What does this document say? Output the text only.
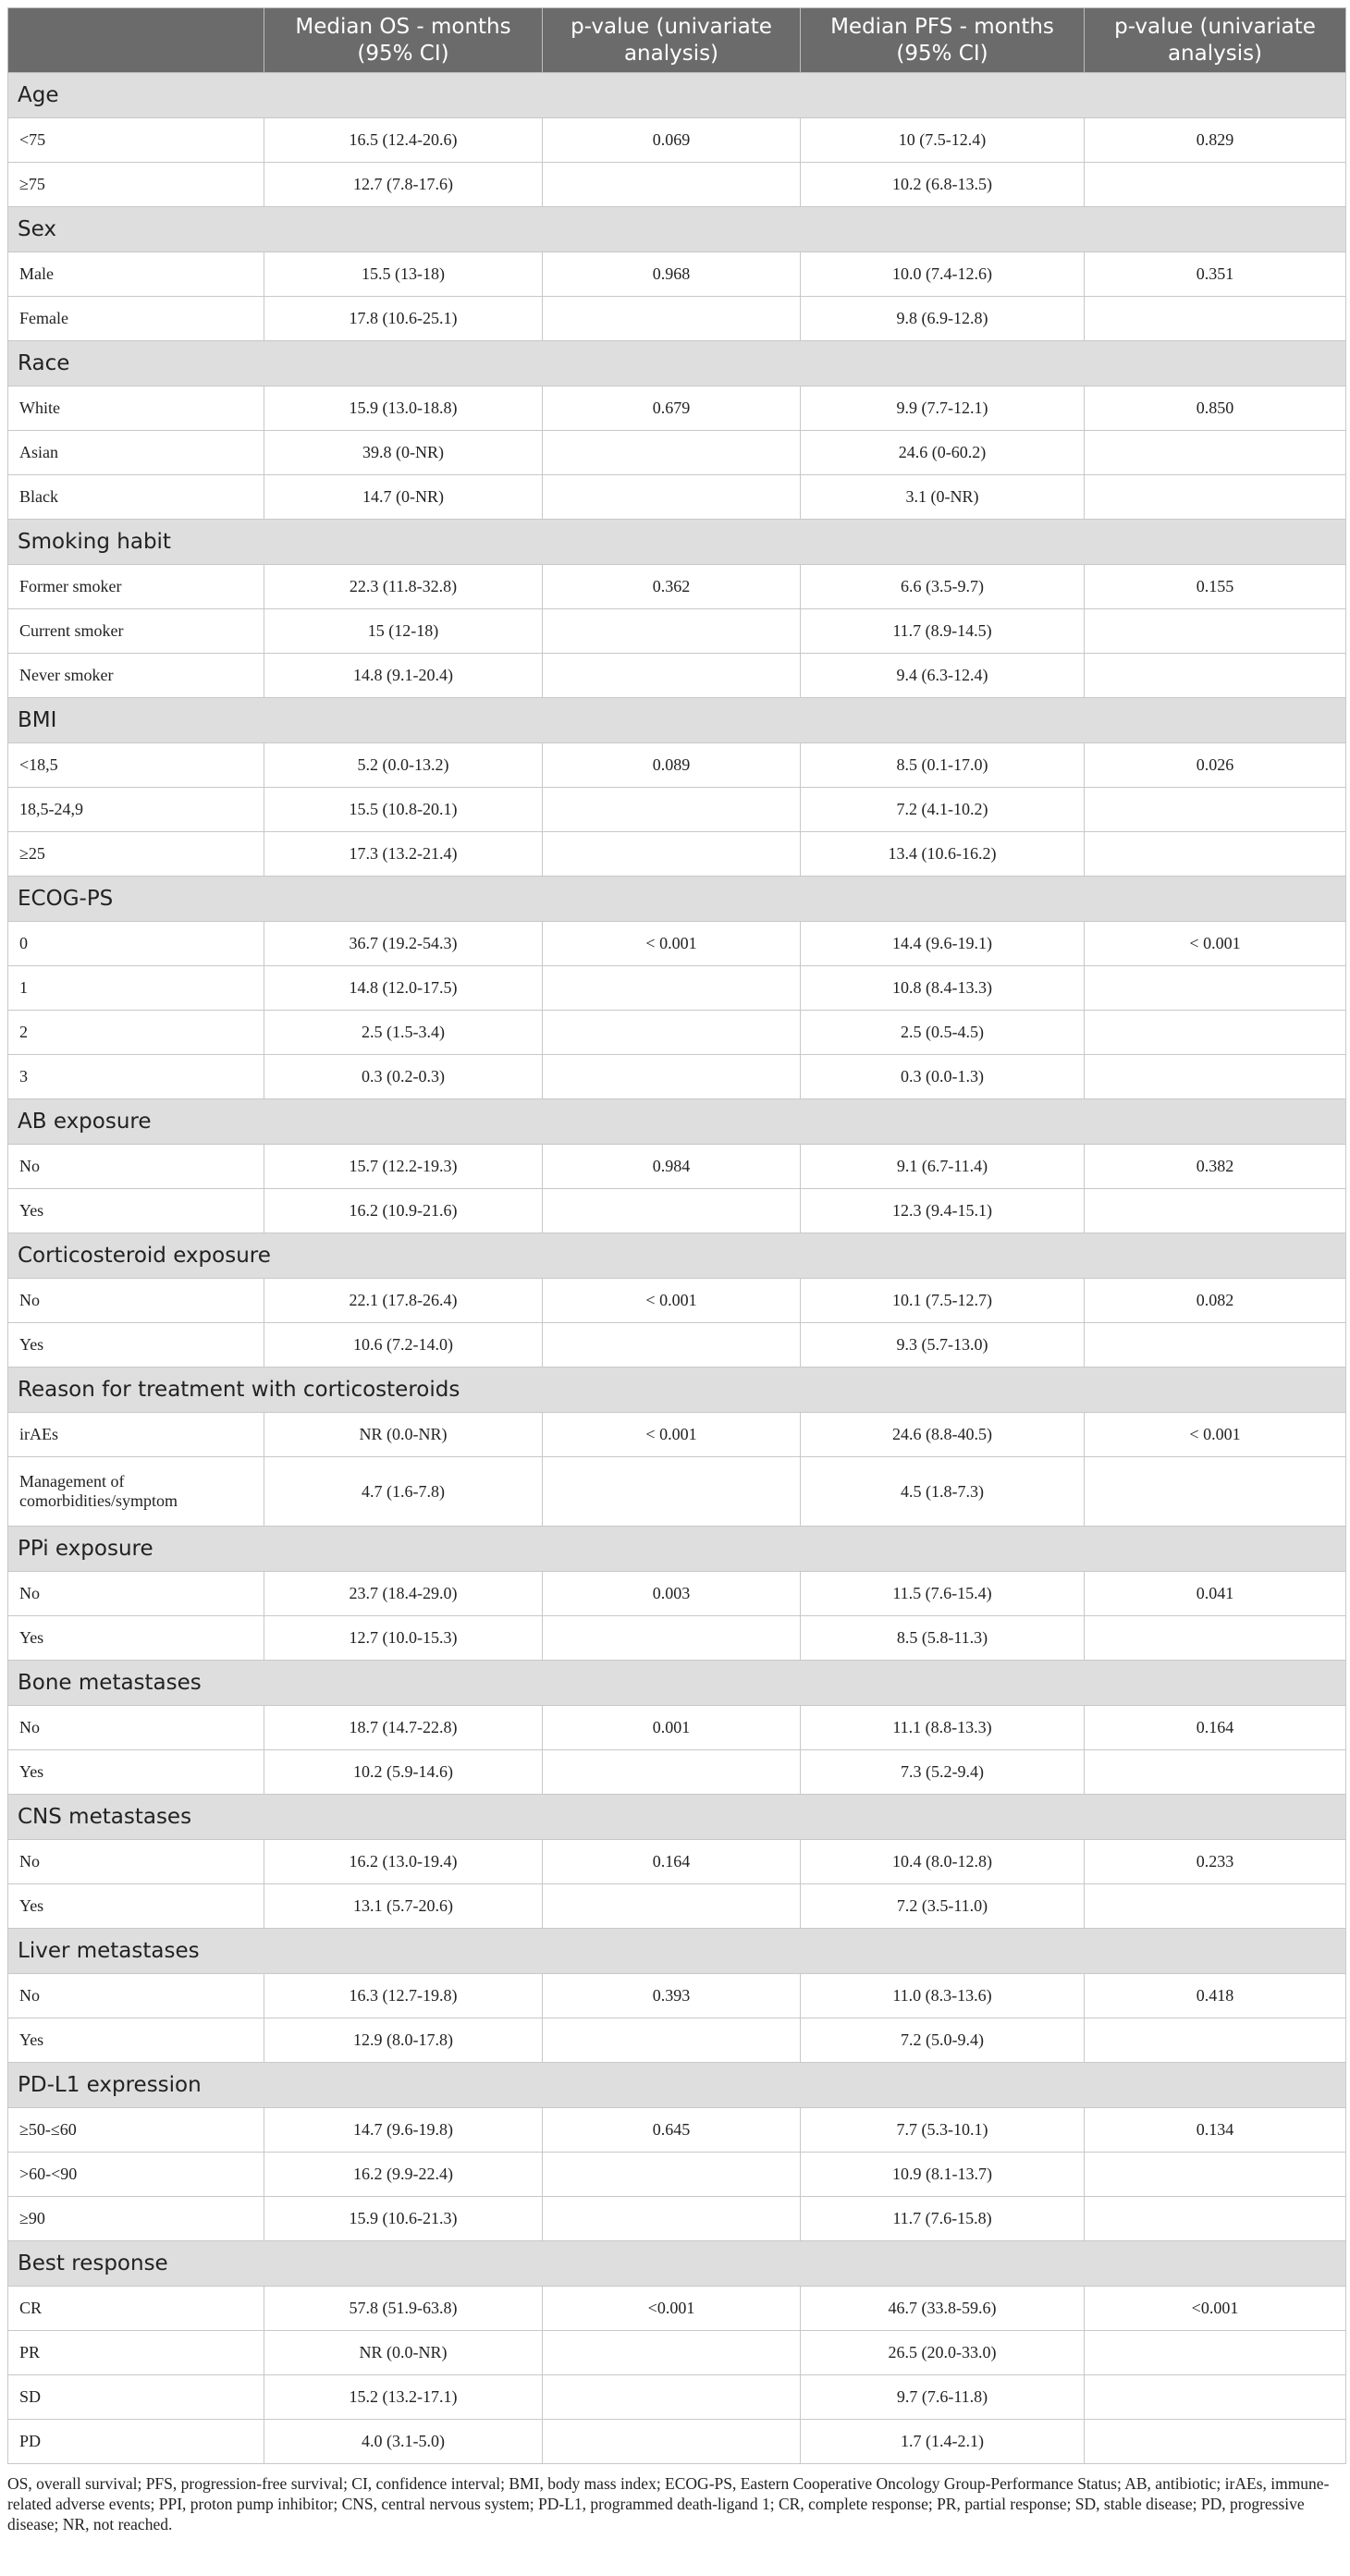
	Median OS - months (95% CI)	p-value (univariate analysis)	Median PFS - months (95% CI)	p-value (univariate analysis)
Age				
<75	16.5 (12.4-20.6)	0.069	10 (7.5-12.4)	0.829
≥75	12.7 (7.8-17.6)		10.2 (6.8-13.5)	
Sex				
Male	15.5 (13-18)	0.968	10.0 (7.4-12.6)	0.351
Female	17.8 (10.6-25.1)		9.8 (6.9-12.8)	
Race				
White	15.9 (13.0-18.8)	0.679	9.9 (7.7-12.1)	0.850
Asian	39.8 (0-NR)		24.6 (0-60.2)	
Black	14.7 (0-NR)		3.1 (0-NR)	
Smoking habit				
Former smoker	22.3 (11.8-32.8)	0.362	6.6 (3.5-9.7)	0.155
Current smoker	15 (12-18)		11.7 (8.9-14.5)	
Never smoker	14.8 (9.1-20.4)		9.4 (6.3-12.4)	
BMI				
<18,5	5.2 (0.0-13.2)	0.089	8.5 (0.1-17.0)	0.026
18,5-24,9	15.5 (10.8-20.1)		7.2 (4.1-10.2)	
≥25	17.3 (13.2-21.4)		13.4 (10.6-16.2)	
ECOG-PS				
0	36.7 (19.2-54.3)	< 0.001	14.4 (9.6-19.1)	< 0.001
1	14.8 (12.0-17.5)		10.8 (8.4-13.3)	
2	2.5 (1.5-3.4)		2.5 (0.5-4.5)	
3	0.3 (0.2-0.3)		0.3 (0.0-1.3)	
AB exposure				
No	15.7 (12.2-19.3)	0.984	9.1 (6.7-11.4)	0.382
Yes	16.2 (10.9-21.6)		12.3 (9.4-15.1)	
Corticosteroid exposure				
No	22.1 (17.8-26.4)	< 0.001	10.1 (7.5-12.7)	0.082
Yes	10.6 (7.2-14.0)		9.3 (5.7-13.0)	
Reason for treatment with corticosteroids				
irAEs	NR (0.0-NR)	< 0.001	24.6 (8.8-40.5)	< 0.001
Management of comorbidities/symptom	4.7 (1.6-7.8)		4.5 (1.8-7.3)	
PPi exposure				
No	23.7 (18.4-29.0)	0.003	11.5 (7.6-15.4)	0.041
Yes	12.7 (10.0-15.3)		8.5 (5.8-11.3)	
Bone metastases				
No	18.7 (14.7-22.8)	0.001	11.1 (8.8-13.3)	0.164
Yes	10.2 (5.9-14.6)		7.3 (5.2-9.4)	
CNS metastases				
No	16.2 (13.0-19.4)	0.164	10.4 (8.0-12.8)	0.233
Yes	13.1 (5.7-20.6)		7.2 (3.5-11.0)	
Liver metastases				
No	16.3 (12.7-19.8)	0.393	11.0 (8.3-13.6)	0.418
Yes	12.9 (8.0-17.8)		7.2 (5.0-9.4)	
PD-L1 expression				
≥50-≤60	14.7 (9.6-19.8)	0.645	7.7 (5.3-10.1)	0.134
>60-<90	16.2 (9.9-22.4)		10.9 (8.1-13.7)	
≥90	15.9 (10.6-21.3)		11.7 (7.6-15.8)	
Best response				
CR	57.8 (51.9-63.8)	<0.001	46.7 (33.8-59.6)	<0.001
PR	NR (0.0-NR)		26.5 (20.0-33.0)	
SD	15.2 (13.2-17.1)		9.7 (7.6-11.8)	
PD	4.0 (3.1-5.0)		1.7 (1.4-2.1)	
OS, overall survival; PFS, progression-free survival; CI, confidence interval; BMI, body mass index; ECOG-PS, Eastern Cooperative Oncology Group-Performance Status; AB, antibiotic; irAEs, immune-related adverse events; PPI, proton pump inhibitor; CNS, central nervous system; PD-L1, programmed death-ligand 1; CR, complete response; PR, partial response; SD, stable disease; PD, progressive disease; NR, not reached.
